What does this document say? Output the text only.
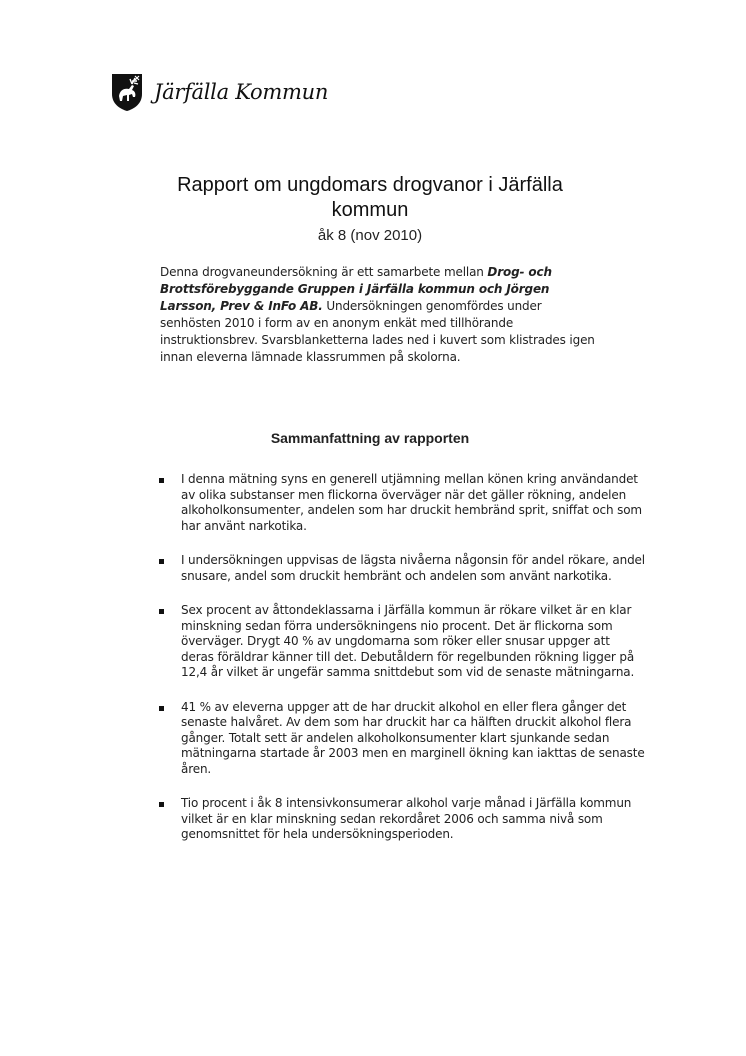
Järfälla Kommun
Rapport om ungdomars drogvanor i Järfälla kommun
åk 8 (nov 2010)

Denna drogvaneundersökning är ett samarbete mellan Drog- och Brottsförebyggande Gruppen i Järfälla kommun och Jörgen Larsson, Prev & InFo AB. Undersökningen genomfördes under senhösten 2010 i form av en anonym enkät med tillhörande instruktionsbrev. Svarsblanketterna lades ned i kuvert som klistrades igen innan eleverna lämnade klassrummen på skolorna.

Sammanfattning av rapporten
I denna mätning syns en generell utjämning mellan könen kring användandet av olika substanser men flickorna överväger när det gäller rökning, andelen alkoholkonsumenter, andelen som har druckit hembränd sprit, sniffat och som har använt narkotika.
I undersökningen uppvisas de lägsta nivåerna någonsin för andel rökare, andel snusare, andel som druckit hembränt och andelen som använt narkotika.
Sex procent av åttondeklassarna i Järfälla kommun är rökare vilket är en klar minskning sedan förra undersökningens nio procent. Det är flickorna som överväger. Drygt 40 % av ungdomarna som röker eller snusar uppger att deras föräldrar känner till det. Debutåldern för regelbunden rökning ligger på 12,4 år vilket är ungefär samma snittdebut som vid de senaste mätningarna.
41 % av eleverna uppger att de har druckit alkohol en eller flera gånger det senaste halvåret. Av dem som har druckit har ca hälften druckit alkohol flera gånger. Totalt sett är andelen alkoholkonsumenter klart sjunkande sedan mätningarna startade år 2003 men en marginell ökning kan iakttas de senaste åren.
Tio procent i åk 8 intensivkonsumerar alkohol varje månad i Järfälla kommun vilket är en klar minskning sedan rekordåret 2006 och samma nivå som genomsnittet för hela undersökningsperioden.
